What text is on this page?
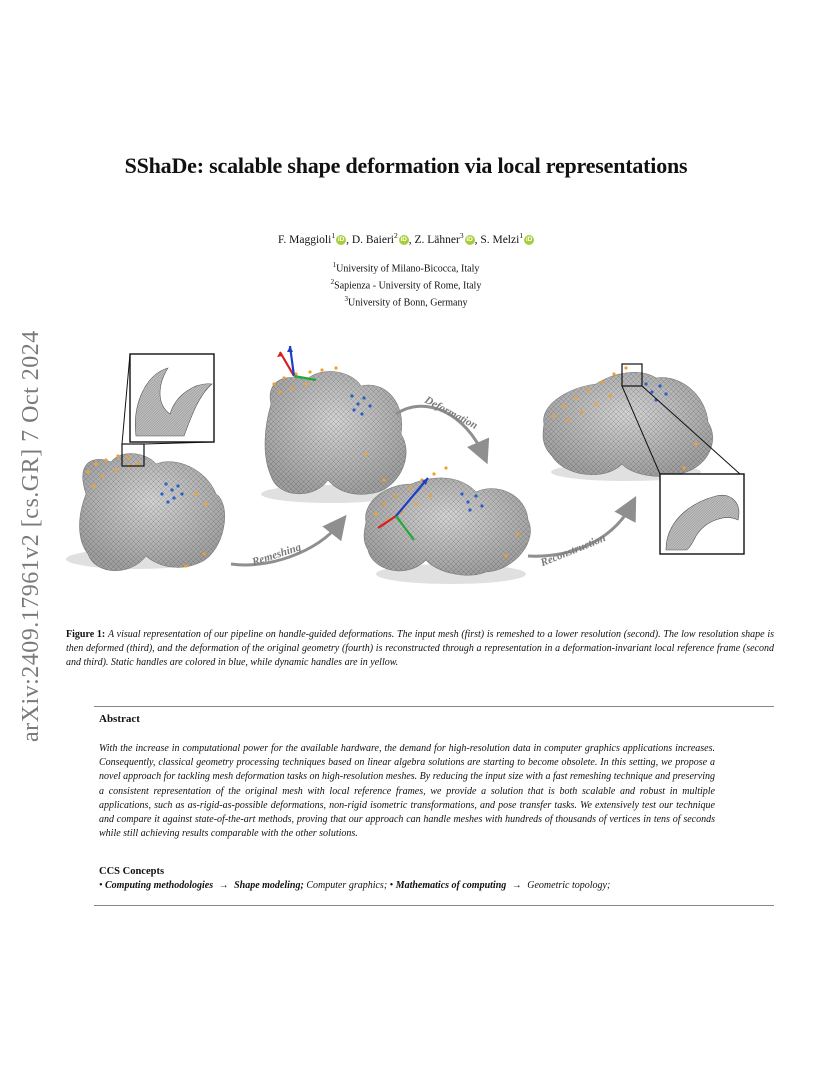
arXiv:2409.17961v2 [cs.GR] 7 Oct 2024
SShaDe: scalable shape deformation via local representations
F. Maggioli$^1$ iD , D. Baieri$^2$ iD , Z. Lähner$^3$ iD , S. Melzi$^1$ iD
$^1$University of Milano-Bicocca, Italy
$^2$Sapienza - University of Rome, Italy
$^3$University of Bonn, Germany
Remeshing
Deformation
Reconstruction
Figure 1: A visual representation of our pipeline on handle-guided deformations. The input mesh (first) is remeshed to a lower resolution (second). The low resolution shape is then deformed (third), and the deformation of the original geometry (fourth) is reconstructed through a representation in a deformation-invariant local reference frame (second and third). Static handles are colored in blue, while dynamic handles are in yellow.
Abstract
With the increase in computational power for the available hardware, the demand for high-resolution data in computer graphics applications increases. Consequently, classical geometry processing techniques based on linear algebra solutions are starting to become obsolete. In this setting, we propose a novel approach for tackling mesh deformation tasks on high-resolution meshes. By reducing the input size with a fast remeshing technique and preserving a consistent representation of the original mesh with local reference frames, we provide a solution that is both scalable and robust in multiple applications, such as as-rigid-as-possible deformations, non-rigid isometric transformations, and pose transfer tasks. We extensively test our technique and compare it against state-of-the-art methods, proving that our approach can handle meshes with hundreds of thousands of vertices in tens of seconds while still achieving results comparable with the other solutions.
CCS Concepts
• Computing methodologies → Shape modeling; Computer graphics; • Mathematics of computing → Geometric topology;
